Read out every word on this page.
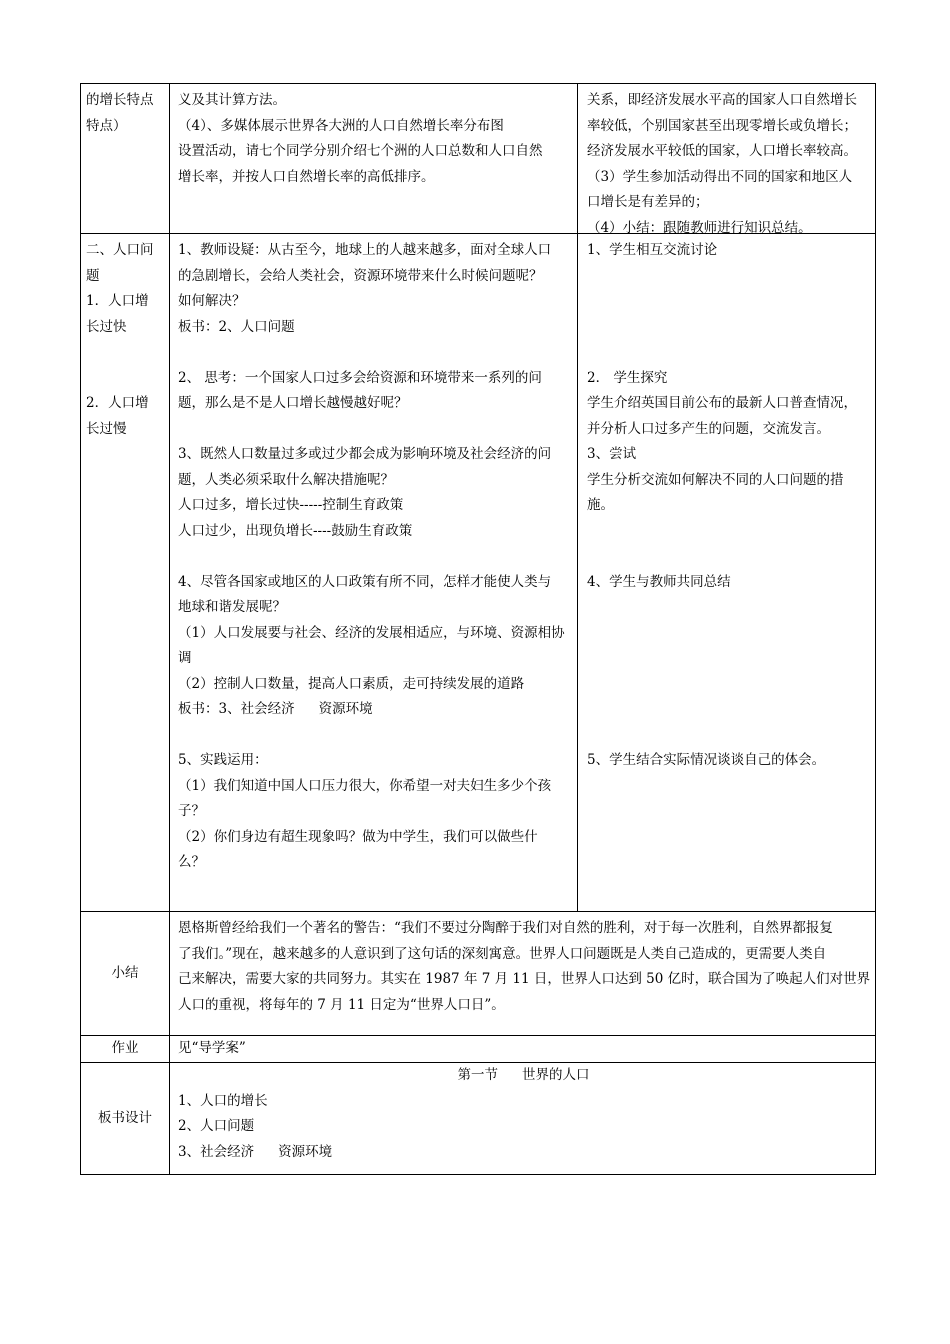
的增长特点
特点）
义及其计算方法。
（4）、多媒体展示世界各大洲的人口自然增长率分布图
设置活动，请七个同学分别介绍七个洲的人口总数和人口自然
增长率，并按人口自然增长率的高低排序。
关系，即经济发展水平高的国家人口自然增长
率较低，个别国家甚至出现零增长或负增长；
经济发展水平较低的国家，人口增长率较高。
（3）学生参加活动得出不同的国家和地区人
口增长是有差异的；
（4）小结：跟随教师进行知识总结。
二、人口问
题
1．人口增
长过快
2．人口增
长过慢
1、教师设疑：从古至今，地球上的人越来越多，面对全球人口
的急剧增长，会给人类社会，资源环境带来什么时候问题呢？
如何解决？
板书：2、人口问题
2、 思考：一个国家人口过多会给资源和环境带来一系列的问
题，那么是不是人口增长越慢越好呢？
3、既然人口数量过多或过少都会成为影响环境及社会经济的问
题，人类必须采取什么解决措施呢？
人口过多，增长过快-----控制生育政策
人口过少，出现负增长----鼓励生育政策
4、尽管各国家或地区的人口政策有所不同，怎样才能使人类与
地球和谐发展呢？
（1）人口发展要与社会、经济的发展相适应，与环境、资源相协
调
（2）控制人口数量，提高人口素质，走可持续发展的道路
板书：3、社会经济 资源环境
5、实践运用：
（1）我们知道中国人口压力很大，你希望一对夫妇生多少个孩
子？
（2）你们身边有超生现象吗？做为中学生，我们可以做些什
么？
1、学生相互交流讨论
2． 学生探究
学生介绍英国目前公布的最新人口普查情况，
并分析人口过多产生的问题，交流发言。
3、尝试
学生分析交流如何解决不同的人口问题的措
施。
4、学生与教师共同总结
5、学生结合实际情况谈谈自己的体会。
小结
恩格斯曾经给我们一个著名的警告：“我们不要过分陶醉于我们对自然的胜利，对于每一次胜利，自然界都报复
了我们。”现在，越来越多的人意识到了这句话的深刻寓意。世界人口问题既是人类自己造成的，更需要人类自
己来解决，需要大家的共同努力。其实在 1987 年 7 月 11 日，世界人口达到 50 亿时，联合国为了唤起人们对世界
人口的重视，将每年的 7 月 11 日定为“世界人口日”。
作业	见“导学案”
板书设计
第一节 世界的人口
1、人口的增长
2、人口问题
3、社会经济 资源环境
